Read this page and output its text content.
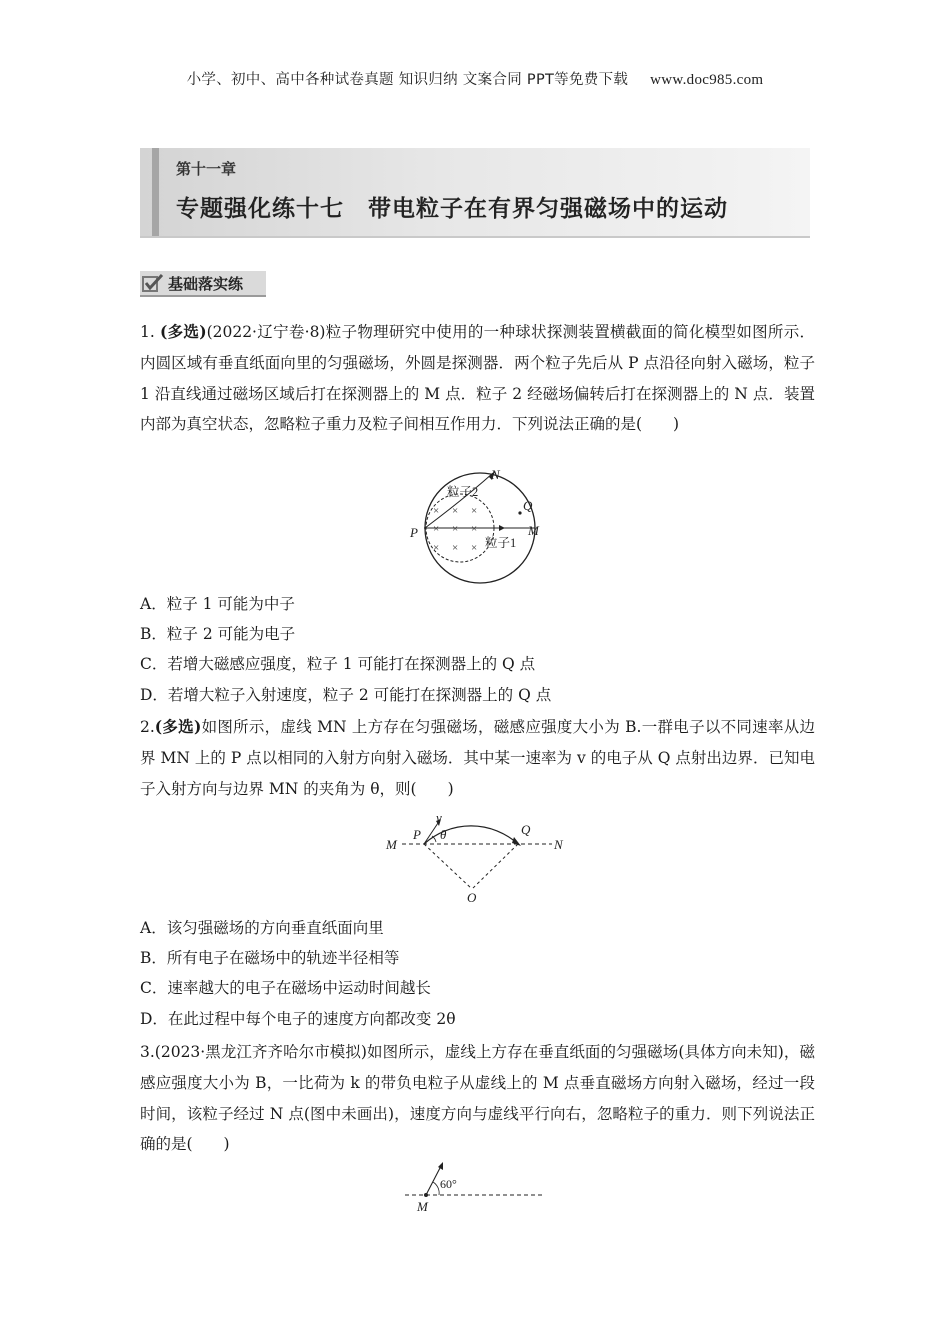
小学、初中、高中各种试卷真题 知识归纳 文案合同 PPT等免费下载 www.doc985.com
第十一章
专题强化练十七　带电粒子在有界匀强磁场中的运动
基础落实练
1. (多选)(2022·辽宁卷·8)粒子物理研究中使用的一种球状探测装置横截面的简化模型如图所示．内圆区域有垂直纸面向里的匀强磁场，外圆是探测器．两个粒子先后从 P 点沿径向射入磁场，粒子 1 沿直线通过磁场区域后打在探测器上的 M 点．粒子 2 经磁场偏转后打在探测器上的 N 点．装置内部为真空状态，忽略粒子重力及粒子间相互作用力．下列说法正确的是(　　)
× × ×
× × ×
× × ×
N
Q
P	M
粒子2
粒子1
A．粒子 1 可能为中子
B．粒子 2 可能为电子
C．若增大磁感应强度，粒子 1 可能打在探测器上的 Q 点
D．若增大粒子入射速度，粒子 2 可能打在探测器上的 Q 点
2.(多选)如图所示，虚线 MN 上方存在匀强磁场，磁感应强度大小为 B.一群电子以不同速率从边界 MN 上的 P 点以相同的入射方向射入磁场．其中某一速率为 v 的电子从 Q 点射出边界．已知电子入射方向与边界 MN 的夹角为 θ，则(　　)
M
P
v
θ	Q
N
O
A．该匀强磁场的方向垂直纸面向里
B．所有电子在磁场中的轨迹半径相等
C．速率越大的电子在磁场中运动时间越长
D．在此过程中每个电子的速度方向都改变 2θ
3.(2023·黑龙江齐齐哈尔市模拟)如图所示，虚线上方存在垂直纸面的匀强磁场(具体方向未知)，磁感应强度大小为 B，一比荷为 k 的带负电粒子从虚线上的 M 点垂直磁场方向射入磁场，经过一段时间，该粒子经过 N 点(图中未画出)，速度方向与虚线平行向右，忽略粒子的重力．则下列说法正确的是(　　)
60°
M
